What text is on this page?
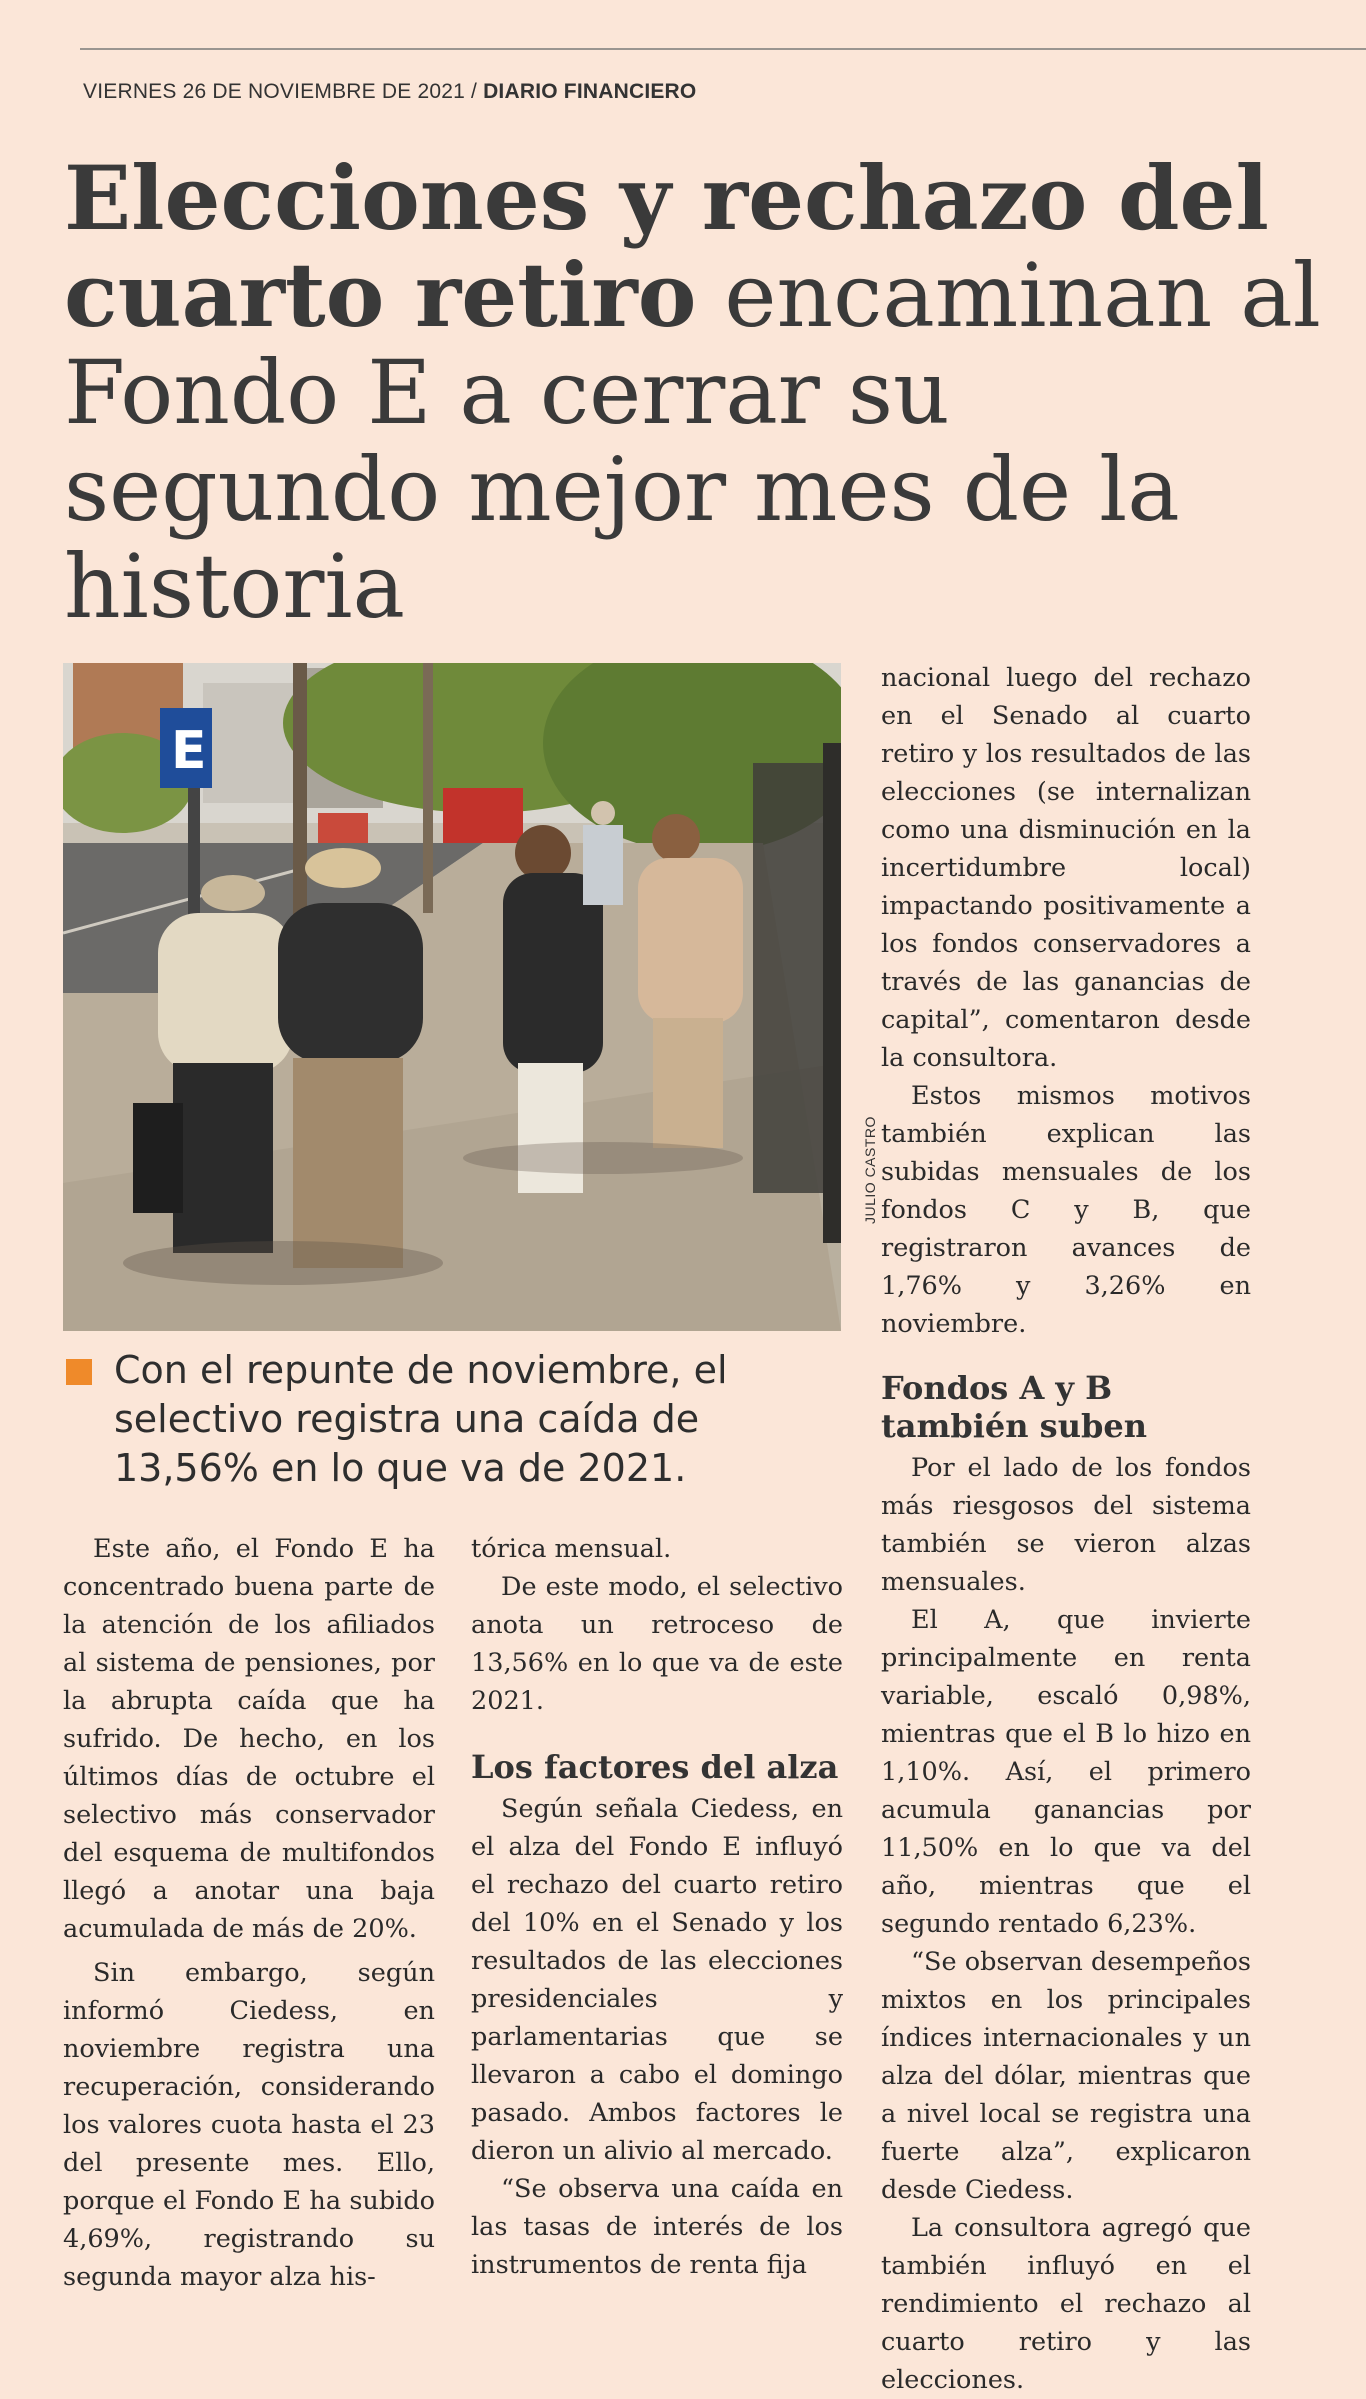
VIERNES 26 DE NOVIEMBRE DE 2021 / DIARIO FINANCIERO
Elecciones y rechazo del cuarto retiro encaminan al Fondo E a cerrar su segundo mejor mes de la historia
E
JULIO CASTRO

Con el repunte de noviembre, el selectivo registra una caída de 13,56% en lo que va de 2021.

Este año, el Fondo E ha concentrado buena parte de la atención de los afiliados al sistema de pensiones, por la abrupta caída que ha sufrido. De hecho, en los últimos días de octubre el selectivo más conservador del esquema de multifondos llegó a anotar una baja acumulada de más de 20%.

Sin embargo, según informó Ciedess, en noviembre registra una recuperación, considerando los valores cuota hasta el 23 del presente mes. Ello, porque el Fondo E ha subido 4,69%, registrando su segunda mayor alza his-

tórica mensual.

De este modo, el selectivo anota un retroceso de 13,56% en lo que va de este 2021.

Los factores del alza

Según señala Ciedess, en el alza del Fondo E influyó el rechazo del cuarto retiro del 10% en el Senado y los resultados de las elecciones presidenciales y parlamentarias que se llevaron a cabo el domingo pasado. Ambos factores le dieron un alivio al mercado.

“Se observa una caída en las tasas de interés de los instrumentos de renta fija

nacional luego del rechazo en el Senado al cuarto retiro y los resultados de las elecciones (se internalizan como una disminución en la incertidumbre local) impactando positivamente a los fondos conservadores a través de las ganancias de capital”, comentaron desde la consultora.

Estos mismos motivos también explican las subidas mensuales de los fondos C y B, que registraron avances de 1,76% y 3,26% en noviembre.

Fondos A y B también suben

Por el lado de los fondos más riesgosos del sistema también se vieron alzas mensuales.

El A, que invierte principalmente en renta variable, escaló 0,98%, mientras que el B lo hizo en 1,10%. Así, el primero acumula ganancias por 11,50% en lo que va del año, mientras que el segundo rentado 6,23%.

“Se observan desempeños mixtos en los principales índices internacionales y un alza del dólar, mientras que a nivel local se registra una fuerte alza”, explicaron desde Ciedess.

La consultora agregó que también influyó en el rendimiento el rechazo al cuarto retiro y las elecciones.
